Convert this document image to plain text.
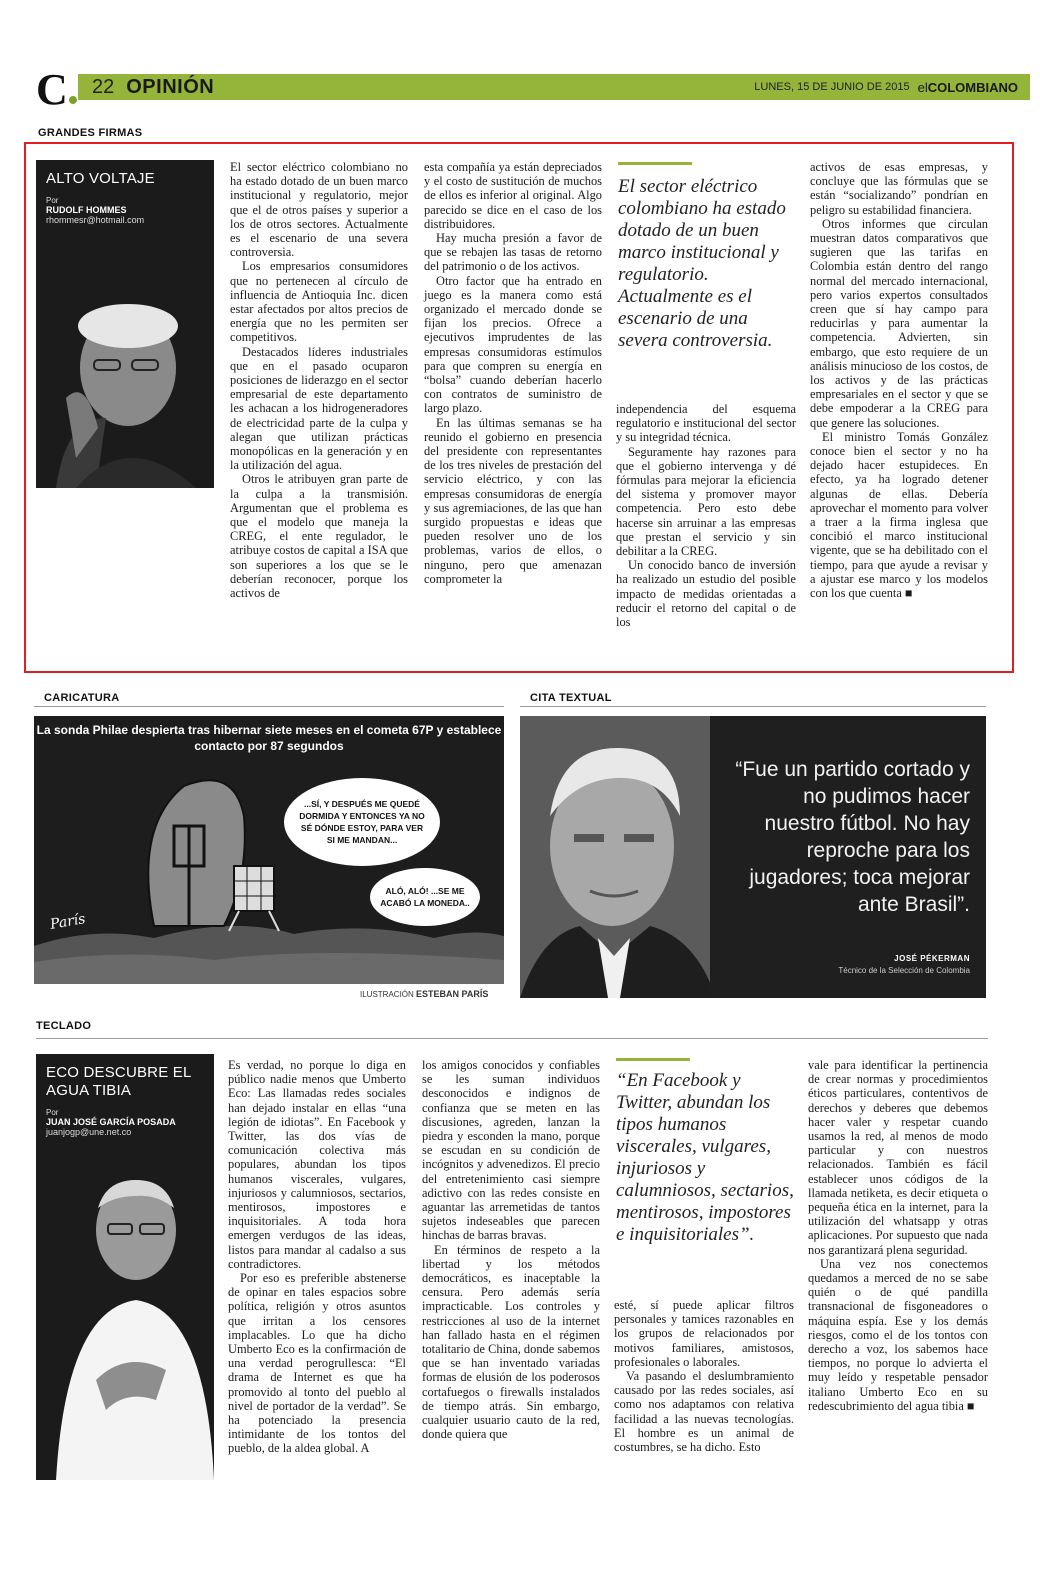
C	22 OPINIÓN	LUNES, 15 DE JUNIO DE 2015 elCOLOMBIANO
GRANDES FIRMAS
ALTO VOLTAJE
Por
RUDOLF HOMMES
rhommesr@hotmail.com

El sector eléctrico colombiano no ha estado dotado de un buen marco institucional y regulatorio, mejor que el de otros países y superior a los de otros sectores. Actualmente es el escenario de una severa controversia.

Los empresarios consumidores que no pertenecen al círculo de influencia de Antioquia Inc. dicen estar afectados por altos precios de energía que no les permiten ser competitivos.

Destacados líderes industriales que en el pasado ocuparon posiciones de liderazgo en el sector empresarial de este departamento les achacan a los hidrogeneradores de electricidad parte de la culpa y alegan que utilizan prácticas monopólicas en la generación y en la utilización del agua.

Otros le atribuyen gran parte de la culpa a la transmisión. Argumentan que el problema es que el modelo que maneja la CREG, el ente regulador, le atribuye costos de capital a ISA que son superiores a los que se le deberían reconocer, porque los activos de

esta compañía ya están depreciados y el costo de sustitución de muchos de ellos es inferior al original. Algo parecido se dice en el caso de los distribuidores.

Hay mucha presión a favor de que se rebajen las tasas de retorno del patrimonio o de los activos.

Otro factor que ha entrado en juego es la manera como está organizado el mercado donde se fijan los precios. Ofrece a ejecutivos imprudentes de las empresas consumidoras estímulos para que compren su energía en “bolsa” cuando deberían hacerlo con contratos de suministro de largo plazo.

En las últimas semanas se ha reunido el gobierno en presencia del presidente con representantes de los tres niveles de prestación del servicio eléctrico, y con las empresas consumidoras de energía y sus agremiaciones, de las que han surgido propuestas e ideas que pueden resolver uno de los problemas, varios de ellos, o ninguno, pero que amenazan comprometer la

El sector eléctrico colombiano ha estado dotado de un buen marco institucional y regulatorio. Actualmente es el escenario de una severa controversia.

independencia del esquema regulatorio e institucional del sector y su integridad técnica.

Seguramente hay razones para que el gobierno intervenga y dé fórmulas para mejorar la eficiencia del sistema y promover mayor competencia. Pero esto debe hacerse sin arruinar a las empresas que prestan el servicio y sin debilitar a la CREG.

Un conocido banco de inversión ha realizado un estudio del posible impacto de medidas orientadas a reducir el retorno del capital o de los

activos de esas empresas, y concluye que las fórmulas que se están “socializando” pondrían en peligro su estabilidad financiera.

Otros informes que circulan muestran datos comparativos que sugieren que las tarifas en Colombia están dentro del rango normal del mercado internacional, pero varios expertos consultados creen que sí hay campo para reducirlas y para aumentar la competencia. Advierten, sin embargo, que esto requiere de un análisis minucioso de los costos, de los activos y de las prácticas empresariales en el sector y que se debe empoderar a la CREG para que genere las soluciones.

El ministro Tomás González conoce bien el sector y no ha dejado hacer estupideces. En efecto, ya ha logrado detener algunas de ellas. Debería aprovechar el momento para volver a traer a la firma inglesa que concibió el marco institucional vigente, que se ha debilitado con el tiempo, para que ayude a revisar y a ajustar ese marco y los modelos con los que cuenta ■

CARICATURA
La sonda Philae despierta tras hibernar siete meses en el cometa 67P y establece contacto por 87 segundos
...SÍ, Y DESPUÉS ME QUEDÉ DORMIDA Y ENTONCES YA NO SÉ DÓNDE ESTOY, PARA VER SI ME MANDAN...
ALÓ, ALÓ! ...SE ME ACABÓ LA MONEDA..
París
ILUSTRACIÓN ESTEBAN PARÍS
CITA TEXTUAL
“Fue un partido cortado y no pudimos hacer nuestro fútbol. No hay reproche para los jugadores; toca mejorar ante Brasil”.
JOSÉ PÉKERMAN
Técnico de la Selección de Colombia
TECLADO
ECO DESCUBRE EL AGUA TIBIA
Por
JUAN JOSÉ GARCÍA POSADA
juanjogp@une.net.co

Es verdad, no porque lo diga en público nadie menos que Umberto Eco: Las llamadas redes sociales han dejado instalar en ellas “una legión de idiotas”. En Facebook y Twitter, las dos vías de comunicación colectiva más populares, abundan los tipos humanos viscerales, vulgares, injuriosos y calumniosos, sectarios, mentirosos, impostores e inquisitoriales. A toda hora emergen verdugos de las ideas, listos para mandar al cadalso a sus contradictores.

Por eso es preferible abstenerse de opinar en tales espacios sobre política, religión y otros asuntos que irritan a los censores implacables. Lo que ha dicho Umberto Eco es la confirmación de una verdad perogrullesca: “El drama de Internet es que ha promovido al tonto del pueblo al nivel de portador de la verdad”. Se ha potenciado la presencia intimidante de los tontos del pueblo, de la aldea global. A

los amigos conocidos y confiables se les suman individuos desconocidos e indignos de confianza que se meten en las discusiones, agreden, lanzan la piedra y esconden la mano, porque se escudan en su condición de incógnitos y advenedizos. El precio del entretenimiento casi siempre adictivo con las redes consiste en aguantar las arremetidas de tantos sujetos indeseables que parecen hinchas de barras bravas.

En términos de respeto a la libertad y los métodos democráticos, es inaceptable la censura. Pero además sería impracticable. Los controles y restricciones al uso de la internet han fallado hasta en el régimen totalitario de China, donde sabemos que se han inventado variadas formas de elusión de los poderosos cortafuegos o firewalls instalados de tiempo atrás. Sin embargo, cualquier usuario cauto de la red, donde quiera que

“En Facebook y Twitter, abundan los tipos humanos viscerales, vulgares, injuriosos y calumniosos, sectarios, mentirosos, impostores e inquisitoriales”.

esté, sí puede aplicar filtros personales y tamices razonables en los grupos de relacionados por motivos familiares, amistosos, profesionales o laborales.

Va pasando el deslumbramiento causado por las redes sociales, así como nos adaptamos con relativa facilidad a las nuevas tecnologías. El hombre es un animal de costumbres, se ha dicho. Esto

vale para identificar la pertinencia de crear normas y procedimientos éticos particulares, contentivos de derechos y deberes que debemos hacer valer y respetar cuando usamos la red, al menos de modo particular y con nuestros relacionados. También es fácil establecer unos códigos de la llamada netiketa, es decir etiqueta o pequeña ética en la internet, para la utilización del whatsapp y otras aplicaciones. Por supuesto que nada nos garantizará plena seguridad.

Una vez nos conectemos quedamos a merced de no se sabe quién o de qué pandilla transnacional de fisgoneadores o máquina espía. Ese y los demás riesgos, como el de los tontos con derecho a voz, los sabemos hace tiempos, no porque lo advierta el muy leído y respetable pensador italiano Umberto Eco en su redescubrimiento del agua tibia ■
